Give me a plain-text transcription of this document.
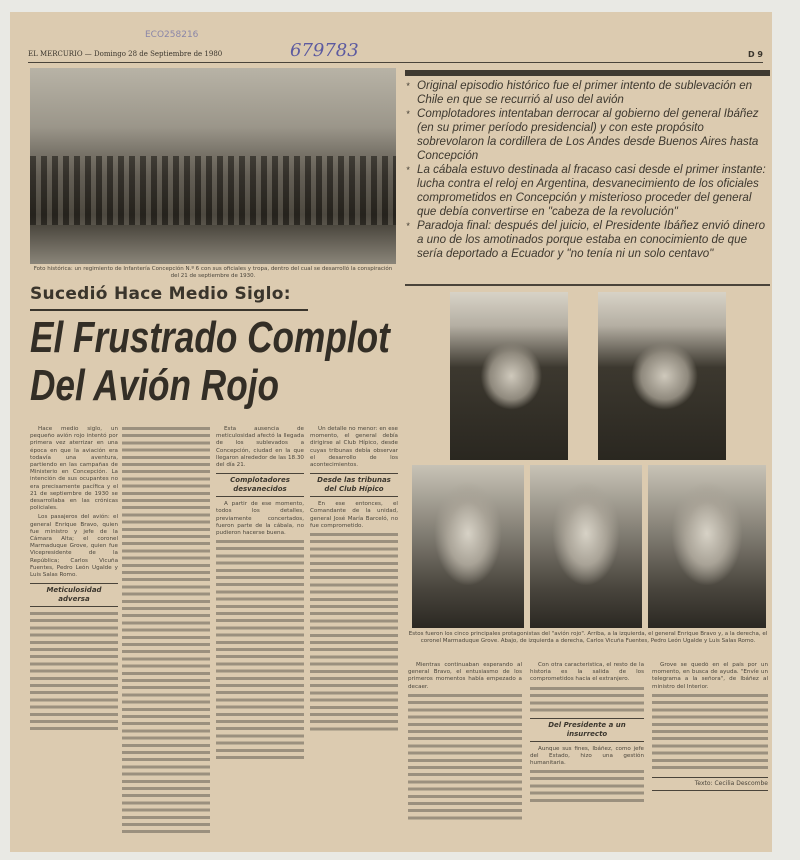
ECO258216
679783
EL MERCURIO — Domingo 28 de Septiembre de 1980	D 9
Foto histórica: un regimiento de Infantería Concepción N.º 6 con sus oficiales y tropa, dentro del cual se desarrolló la conspiración del 21 de septiembre de 1930.
* Original episodio histórico fue el primer intento de sublevación en Chile en que se recurrió al uso del avión
* Complotadores intentaban derrocar al gobierno del general Ibáñez (en su primer período presidencial) y con este propósito sobrevolaron la cordillera de Los Andes desde Buenos Aires hasta Concepción
* La cábala estuvo destinada al fracaso casi desde el primer instante: lucha contra el reloj en Argentina, desvanecimiento de los oficiales comprometidos en Concepción y misterioso proceder del general que debía convertirse en "cabeza de la revolución"
* Paradoja final: después del juicio, el Presidente Ibáñez envió dinero a uno de los amotinados porque estaba en conocimiento de que sería deportado a Ecuador y "no tenía ni un solo centavo"
Sucedió Hace Medio Siglo:
El Frustrado Complot
Del Avión Rojo

Hace medio siglo, un pequeño avión rojo intentó por primera vez aterrizar en una época en que la aviación era todavía una aventura, partiendo en las campañas de Ministerio en Concepción. La intención de sus ocupantes no era precisamente pacífica y el 21 de septiembre de 1930 se desarrollaba en las crónicas policiales.

Los pasajeros del avión: el general Enrique Bravo, quien fue ministro y jefe de la Cámara Alta; el coronel Marmaduque Grove, quien fue Vicepresidente de la República; Carlos Vicuña Fuentes, Pedro León Ugalde y Luis Salas Romo.

Meticulosidad adversa

Esta ausencia de meticulosidad afectó la llegada de los sublevados a Concepción, ciudad en la que llegaron alrededor de las 18.30 del día 21.

Complotadores desvanecidos

A partir de ese momento, todos los detalles, previamente concertados, fueron parte de la cábala, no pudieron hacerse buena.

Un detalle no menor: en ese momento, el general debía dirigirse al Club Hípico, desde cuyas tribunas debía observar el desarrollo de los acontecimientos.

Desde las tribunas del Club Hípico

En ese entonces, el Comandante de la unidad, general José María Barceló, no fue comprometido.

Estos fueron los cinco principales protagonistas del "avión rojo". Arriba, a la izquierda, el general Enrique Bravo y, a la derecha, el coronel Marmaduque Grove. Abajo, de izquierda a derecha, Carlos Vicuña Fuentes, Pedro León Ugalde y Luis Salas Romo.

Mientras continuaban esperando al general Bravo, el entusiasmo de los primeros momentos había empezado a decaer.

Con otra característica, el resto de la historia es la salida de los comprometidos hacia el extranjero.

Del Presidente a un insurrecto

Aunque sus fines, Ibáñez, como jefe del Estado, hizo una gestión humanitaria.

Grove se quedó en el país por un momento, en busca de ayuda. "Envíe un telegrama a la señora", de Ibáñez al ministro del Interior.

Texto: Cecilia Descombe
